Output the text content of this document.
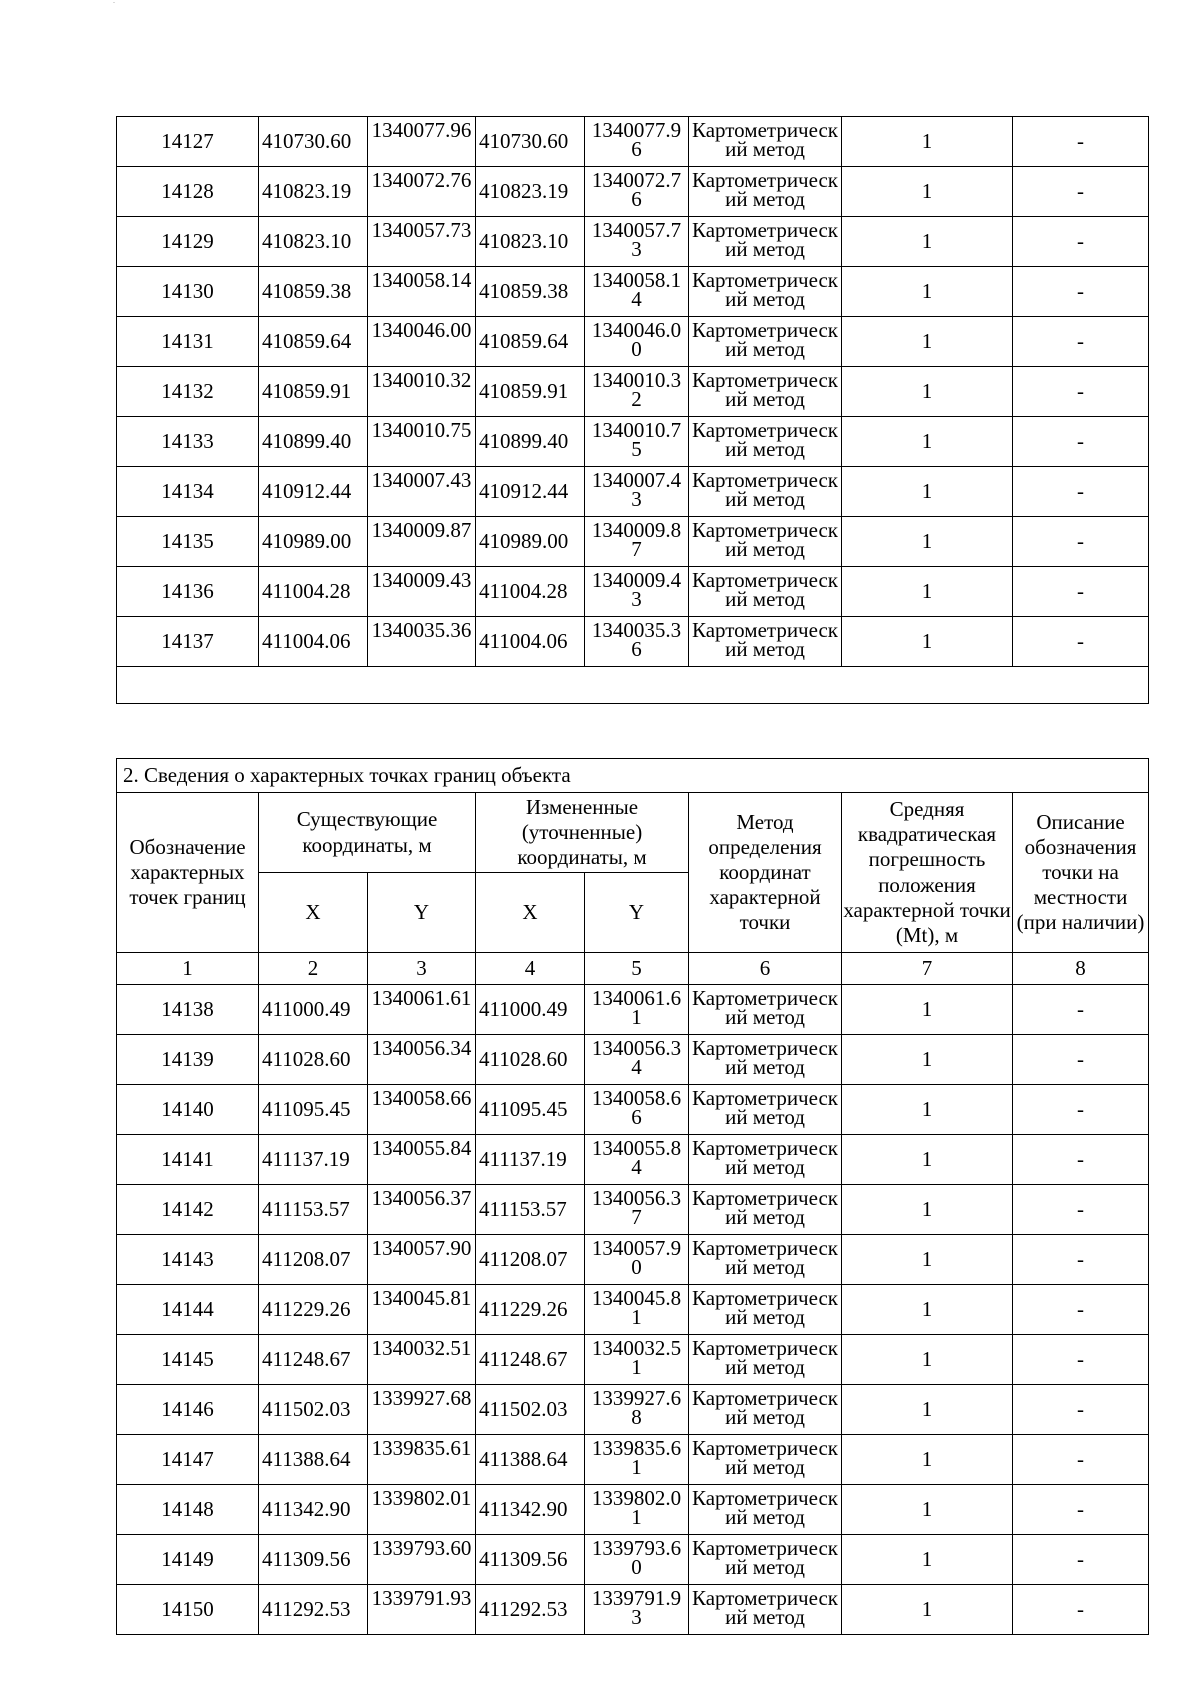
-
14127	410730.60	1340077.96	410730.60	1340077.96	Картометрический метод	1	-
14128	410823.19	1340072.76	410823.19	1340072.76	Картометрический метод	1	-
14129	410823.10	1340057.73	410823.10	1340057.73	Картометрический метод	1	-
14130	410859.38	1340058.14	410859.38	1340058.14	Картометрический метод	1	-
14131	410859.64	1340046.00	410859.64	1340046.00	Картометрический метод	1	-
14132	410859.91	1340010.32	410859.91	1340010.32	Картометрический метод	1	-
14133	410899.40	1340010.75	410899.40	1340010.75	Картометрический метод	1	-
14134	410912.44	1340007.43	410912.44	1340007.43	Картометрический метод	1	-
14135	410989.00	1340009.87	410989.00	1340009.87	Картометрический метод	1	-
14136	411004.28	1340009.43	411004.28	1340009.43	Картометрический метод	1	-
14137	411004.06	1340035.36	411004.06	1340035.36	Картометрический метод	1	-

2. Сведения о характерных точках границ объекта							
Обозначение характерных точек границ	Существующие координаты, м		Измененные (уточненные) координаты, м		Метод определения координат характерной точки	Средняя квадратическая погрешность положения характерной точки (Mt), м	Описание обозначения точки на местности (при наличии)
	X	Y	X	Y			
1	2	3	4	5	6	7	8
14138	411000.49	1340061.61	411000.49	1340061.61	Картометрический метод	1	-
14139	411028.60	1340056.34	411028.60	1340056.34	Картометрический метод	1	-
14140	411095.45	1340058.66	411095.45	1340058.66	Картометрический метод	1	-
14141	411137.19	1340055.84	411137.19	1340055.84	Картометрический метод	1	-
14142	411153.57	1340056.37	411153.57	1340056.37	Картометрический метод	1	-
14143	411208.07	1340057.90	411208.07	1340057.90	Картометрический метод	1	-
14144	411229.26	1340045.81	411229.26	1340045.81	Картометрический метод	1	-
14145	411248.67	1340032.51	411248.67	1340032.51	Картометрический метод	1	-
14146	411502.03	1339927.68	411502.03	1339927.68	Картометрический метод	1	-
14147	411388.64	1339835.61	411388.64	1339835.61	Картометрический метод	1	-
14148	411342.90	1339802.01	411342.90	1339802.01	Картометрический метод	1	-
14149	411309.56	1339793.60	411309.56	1339793.60	Картометрический метод	1	-
14150	411292.53	1339791.93	411292.53	1339791.93	Картометрический метод	1	-
